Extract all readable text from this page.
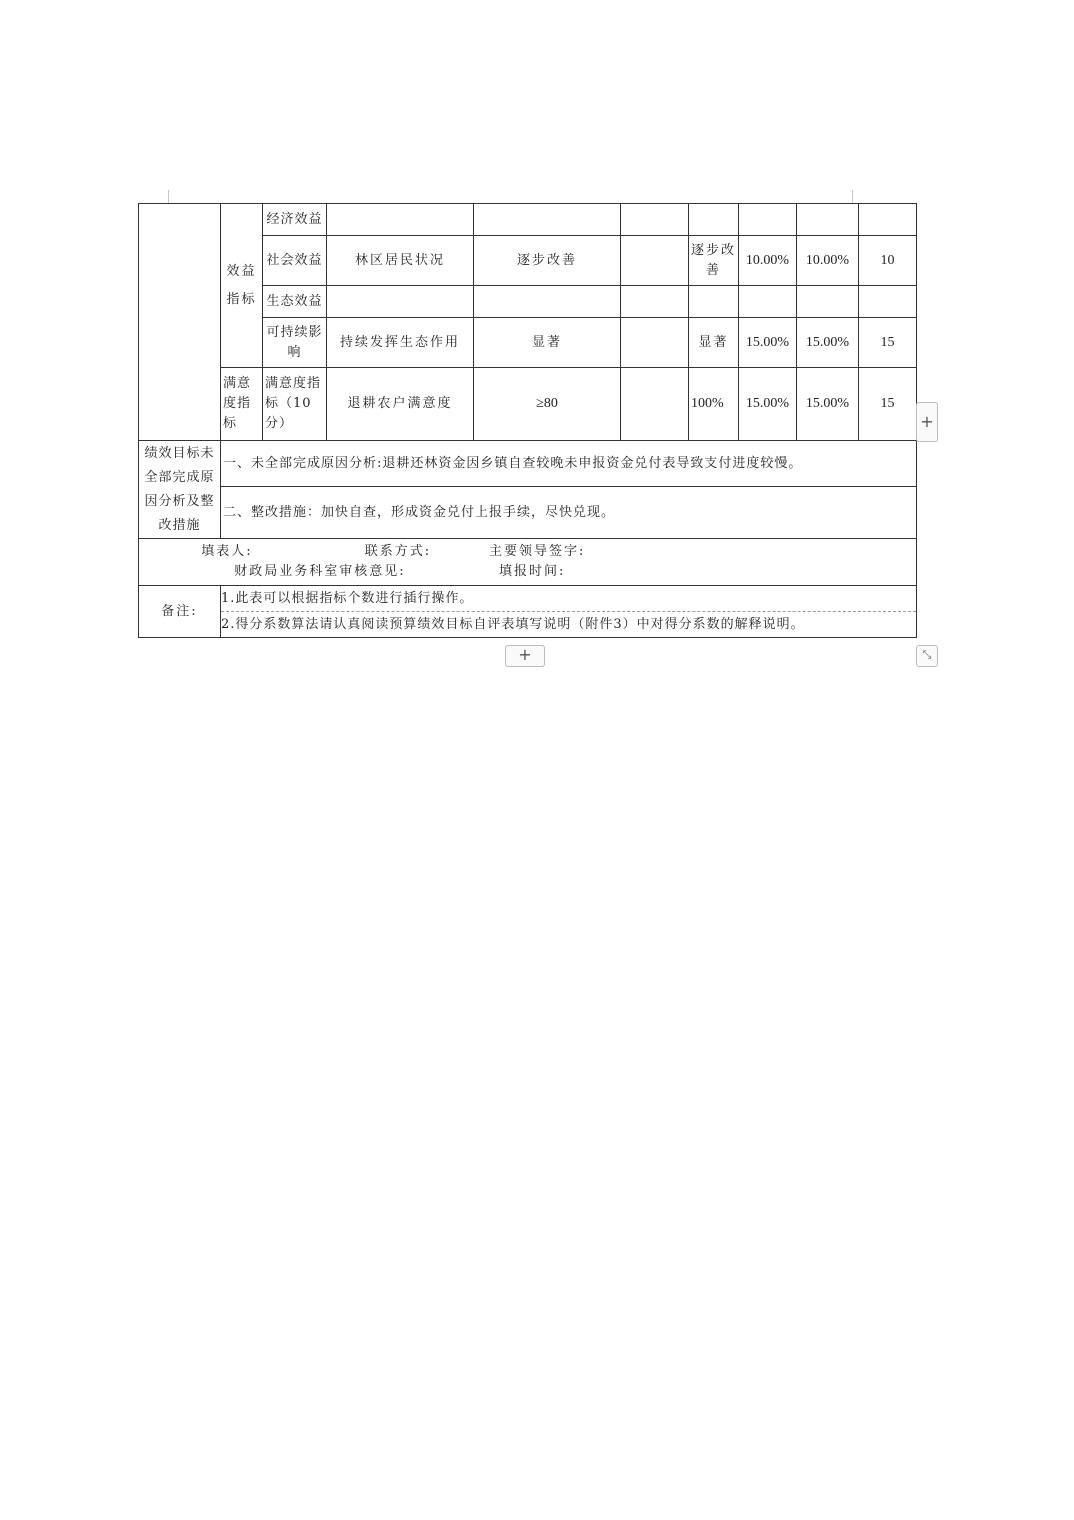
	效益指标	经济效益							
		社会效益	林区居民状况	逐步改善		逐步改善	10.00%	10.00%	10
		生态效益							
		可持续影响	持续发挥生态作用	显著		显著	15.00%	15.00%	15
	满意度指标	满意度指标（10分）	退耕农户满意度	≥80		100%	15.00%	15.00%	15
绩效目标未全部完成原因分析及整改措施	一、未全部完成原因分析:退耕还林资金因乡镇自查较晚未申报资金兑付表导致支付进度较慢。								
	二、整改措施：加快自查，形成资金兑付上报手续，尽快兑现。								

填表人: 联系方式: 主要领导签字:
财政局业务科室审核意见: 填报时间:									

备注:	1.此表可以根据指标个数进行插行操作。
2.得分系数算法请认真阅读预算绩效目标自评表填写说明（附件3）中对得分系数的解释说明。								
+
+	⤡
